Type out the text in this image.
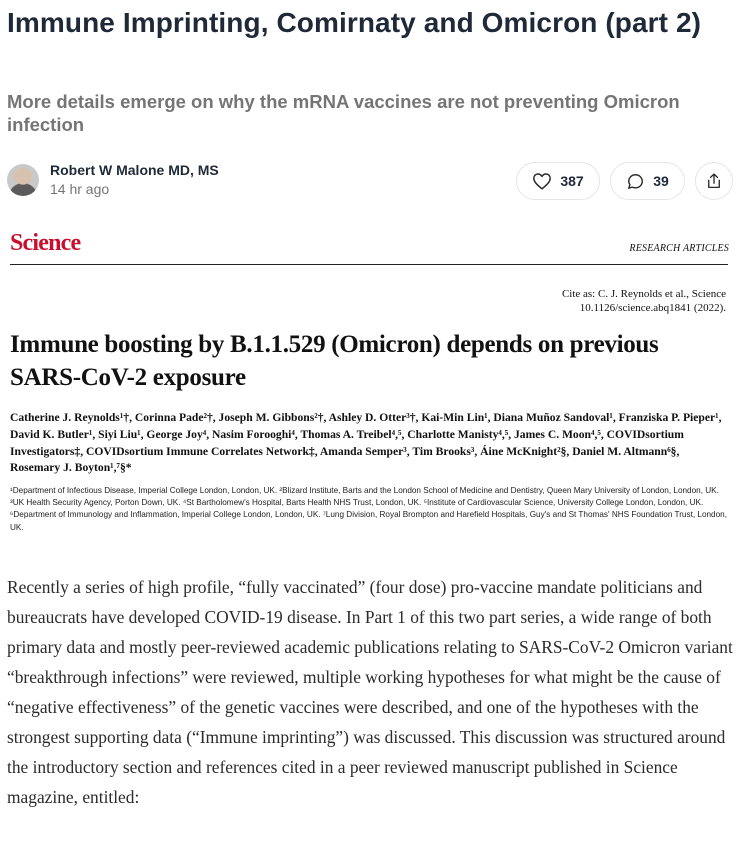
Immune Imprinting, Comirnaty and Omicron (part 2)
More details emerge on why the mRNA vaccines are not preventing Omicron infection
Robert W Malone MD, MS
14 hr ago	387	39
Science	RESEARCH ARTICLES
Cite as: C. J. Reynolds et al., Science
10.1126/science.abq1841 (2022).
Immune boosting by B.1.1.529 (Omicron) depends on previous SARS-CoV-2 exposure
Catherine J. Reynolds¹†, Corinna Pade²†, Joseph M. Gibbons²†, Ashley D. Otter³†, Kai-Min Lin¹, Diana Muñoz Sandoval¹, Franziska P. Pieper¹, David K. Butler¹, Siyi Liu¹, George Joy⁴, Nasim Forooghi⁴, Thomas A. Treibel⁴,⁵, Charlotte Manisty⁴,⁵, James C. Moon⁴,⁵, COVIDsortium Investigators‡, COVIDsortium Immune Correlates Network‡, Amanda Semper³, Tim Brooks³, Áine McKnight²§, Daniel M. Altmann⁶§, Rosemary J. Boyton¹,⁷§*
¹Department of Infectious Disease, Imperial College London, London, UK. ²Blizard Institute, Barts and the London School of Medicine and Dentistry, Queen Mary University of London, London, UK. ³UK Health Security Agency, Porton Down, UK. ⁴St Bartholomew's Hospital, Barts Health NHS Trust, London, UK. ⁵Institute of Cardiovascular Science, University College London, London, UK. ⁶Department of Immunology and Inflammation, Imperial College London, London, UK. ⁷Lung Division, Royal Brompton and Harefield Hospitals, Guy's and St Thomas' NHS Foundation Trust, London, UK.

Recently a series of high profile, “fully vaccinated” (four dose) pro-vaccine mandate politicians and bureaucrats have developed COVID-19 disease. In Part 1 of this two part series, a wide range of both primary data and mostly peer-reviewed academic publications relating to SARS-CoV-2 Omicron variant “breakthrough infections” were reviewed, multiple working hypotheses for what might be the cause of “negative effectiveness” of the genetic vaccines were described, and one of the hypotheses with the strongest supporting data (“Immune imprinting”) was discussed. This discussion was structured around the introductory section and references cited in a peer reviewed manuscript published in Science magazine, entitled:
